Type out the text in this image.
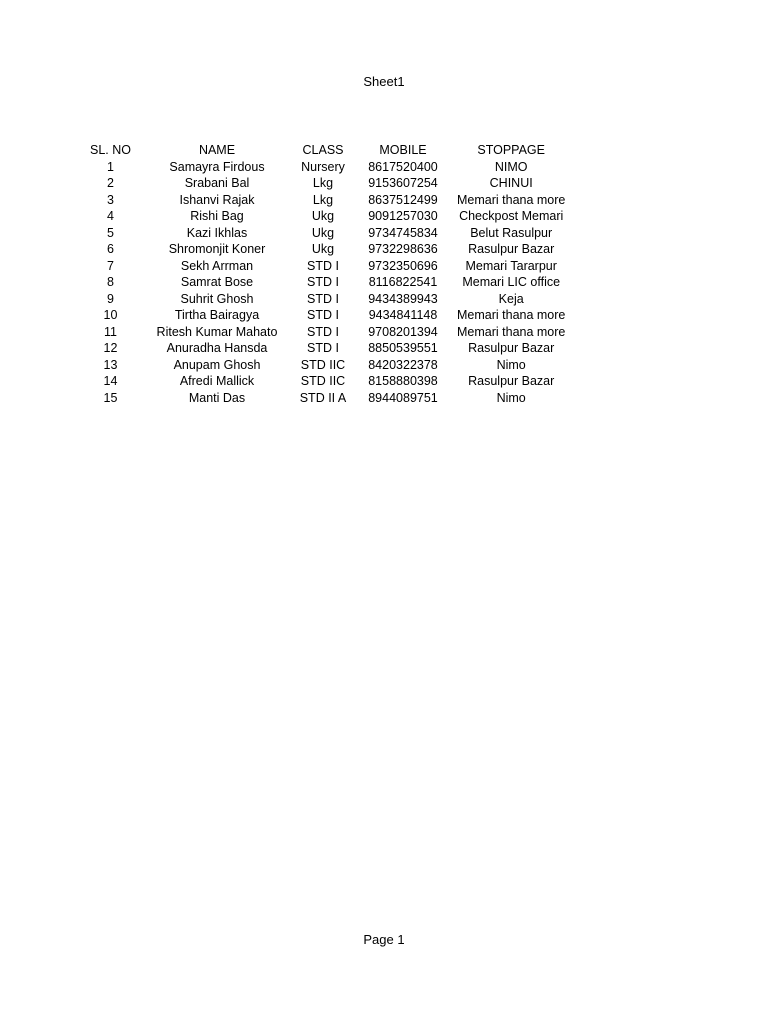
Sheet1
SL. NO	NAME	CLASS	MOBILE	STOPPAGE
1	Samayra Firdous	Nursery	8617520400	NIMO
2	Srabani Bal	Lkg	9153607254	CHINUI
3	Ishanvi Rajak	Lkg	8637512499	Memari thana more
4	Rishi Bag	Ukg	9091257030	Checkpost Memari
5	Kazi Ikhlas	Ukg	9734745834	Belut Rasulpur
6	Shromonjit Koner	Ukg	9732298636	Rasulpur Bazar
7	Sekh Arrman	STD I	9732350696	Memari Tararpur
8	Samrat Bose	STD I	8116822541	Memari LIC office
9	Suhrit Ghosh	STD I	9434389943	Keja
10	Tirtha Bairagya	STD I	9434841148	Memari thana more
11	Ritesh Kumar Mahato	STD I	9708201394	Memari thana more
12	Anuradha Hansda	STD I	8850539551	Rasulpur Bazar
13	Anupam Ghosh	STD IIC	8420322378	Nimo
14	Afredi Mallick	STD IIC	8158880398	Rasulpur Bazar
15	Manti Das	STD II A	8944089751	Nimo
Page 1
